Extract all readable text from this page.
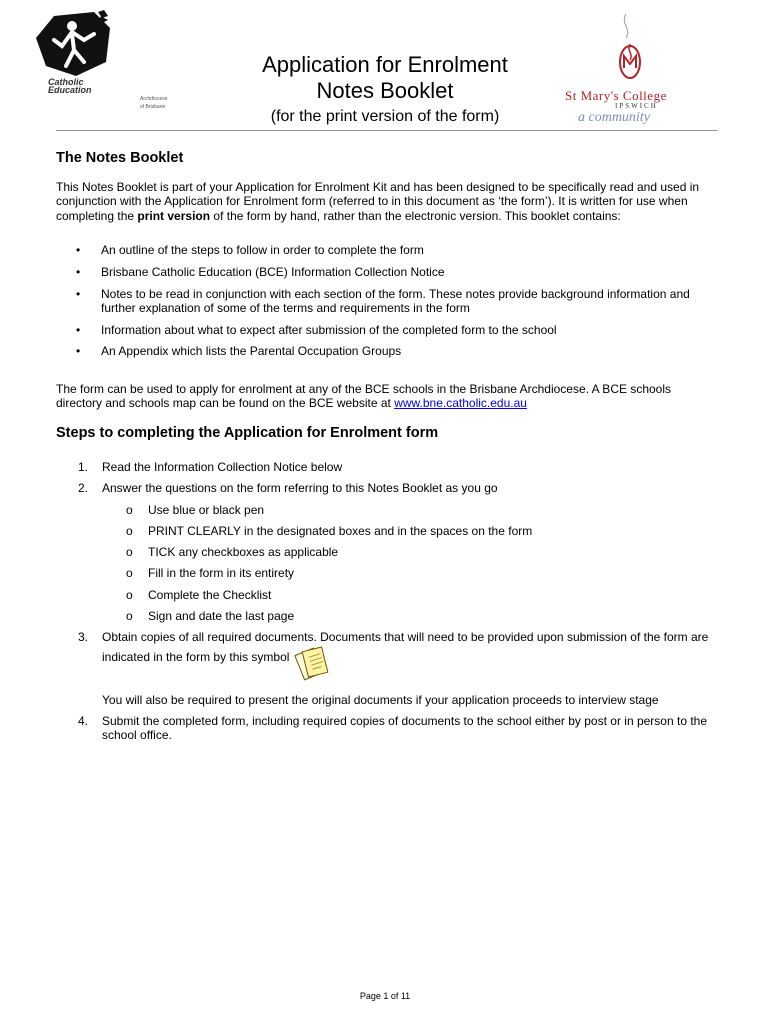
Catholic
Education
Archdiocese of Brisbane
Application for Enrolment
Notes Booklet
(for the print version of the form)
St Mary's College
IPSWICH
a community
The Notes Booklet
This Notes Booklet is part of your Application for Enrolment Kit and has been designed to be specifically read and used in conjunction with the Application for Enrolment form (referred to in this document as ‘the form’). It is written for use when completing the print version of the form by hand, rather than the electronic version. This booklet contains:
• An outline of the steps to follow in order to complete the form
• Brisbane Catholic Education (BCE) Information Collection Notice
• Notes to be read in conjunction with each section of the form. These notes provide background information and further explanation of some of the terms and requirements in the form
• Information about what to expect after submission of the completed form to the school
• An Appendix which lists the Parental Occupation Groups
The form can be used to apply for enrolment at any of the BCE schools in the Brisbane Archdiocese. A BCE schools directory and schools map can be found on the BCE website at www.bne.catholic.edu.au
Steps to completing the Application for Enrolment form
1. Read the Information Collection Notice below
2. Answer the questions on the form referring to this Notes Booklet as you go
o Use blue or black pen
o PRINT CLEARLY in the designated boxes and in the spaces on the form
o TICK any checkboxes as applicable
o Fill in the form in its entirety
o Complete the Checklist
o Sign and date the last page
3. Obtain copies of all required documents. Documents that will need to be provided upon submission of the form are indicated in the form by this symbol
You will also be required to present the original documents if your application proceeds to interview stage
4. Submit the completed form, including required copies of documents to the school either by post or in person to the school office.
Page 1 of 11
